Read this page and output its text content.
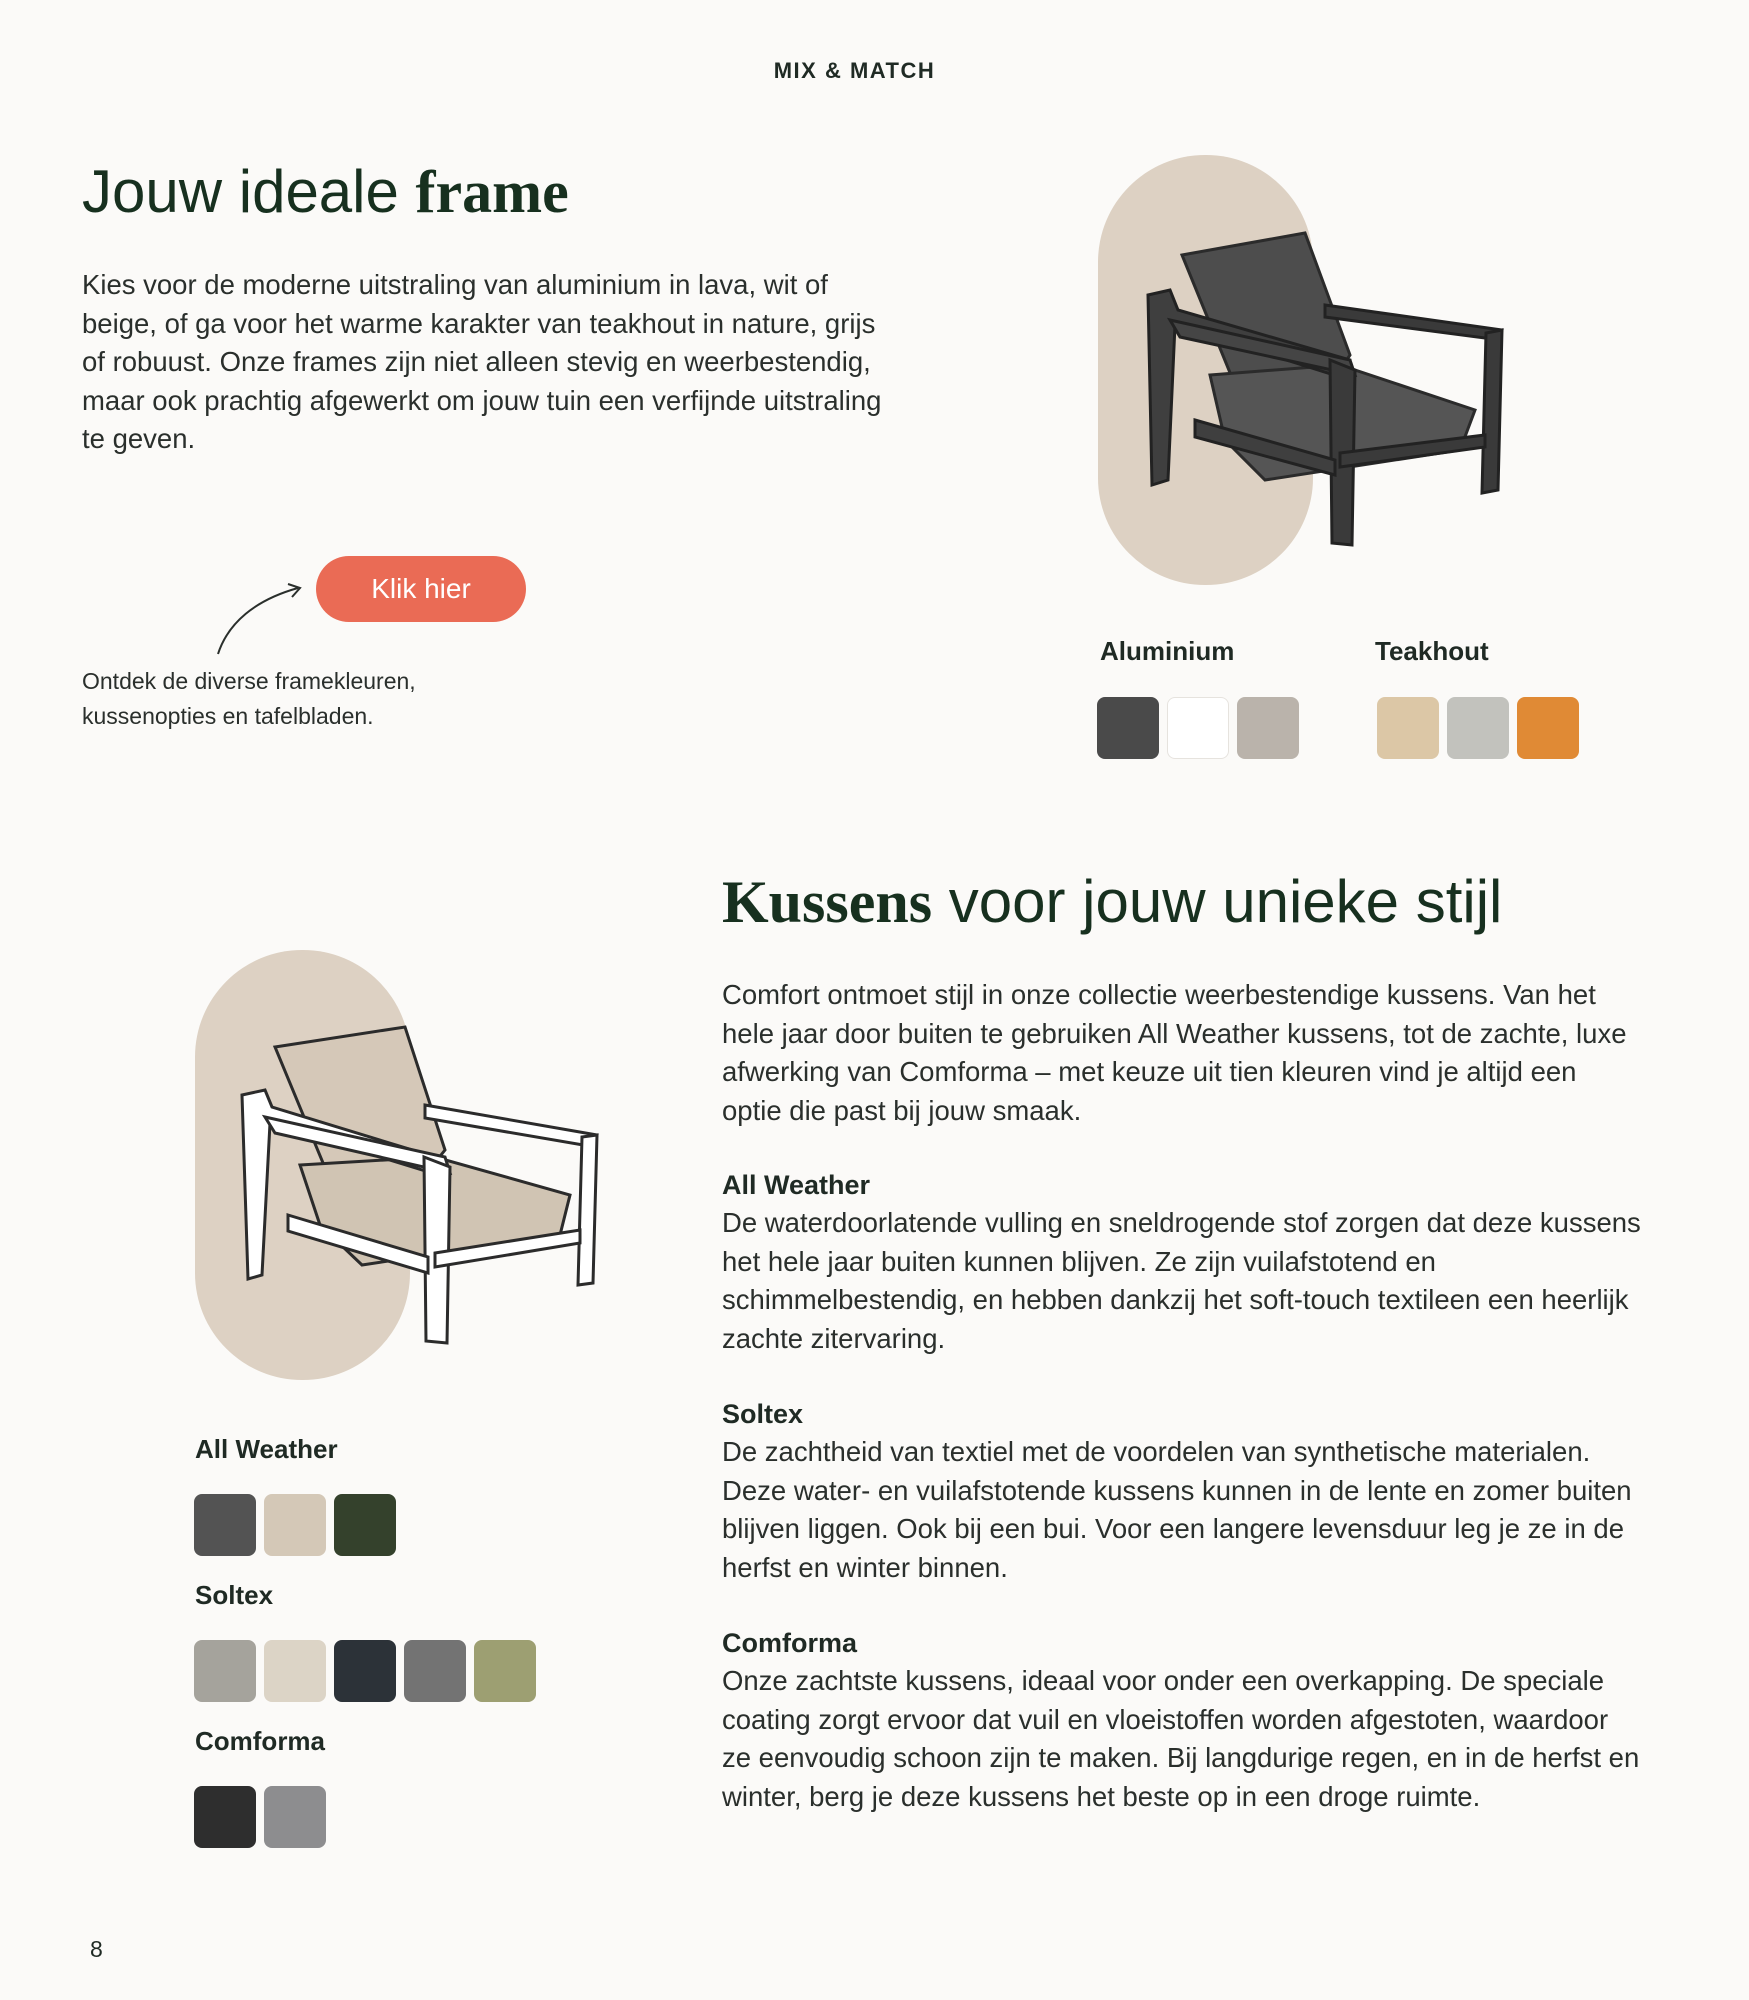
MIX & MATCH
Jouw ideale frame

Kies voor de moderne uitstraling van aluminium in lava, wit of beige, of ga voor het warme karakter van teakhout in nature, grijs of robuust. Onze frames zijn niet alleen stevig en weerbestendig, maar ook prachtig afgewerkt om jouw tuin een verfijnde uitstraling te geven.

Klik hier
Ontdek de diverse framekleuren,
kussenopties en tafelbladen.
Aluminium	Teakhout
Kussens voor jouw unieke stijl

Comfort ontmoet stijl in onze collectie weerbestendige kussens. Van het hele jaar door buiten te gebruiken All Weather kussens, tot de zachte, luxe afwerking van Comforma – met keuze uit tien kleuren vind je altijd een optie die past bij jouw smaak.

All Weather

De waterdoorlatende vulling en sneldrogende stof zorgen dat deze kussens het hele jaar buiten kunnen blijven. Ze zijn vuilafstotend en schimmelbestendig, en hebben dankzij het soft-touch textileen een heerlijk zachte zitervaring.

Soltex

De zachtheid van textiel met de voordelen van synthetische materialen. Deze water- en vuilafstotende kussens kunnen in de lente en zomer buiten blijven liggen. Ook bij een bui. Voor een langere levensduur leg je ze in de herfst en winter binnen.

Comforma

Onze zachtste kussens, ideaal voor onder een overkapping. De speciale coating zorgt ervoor dat vuil en vloeistoffen worden afgestoten, waardoor ze eenvoudig schoon zijn te maken. Bij langdurige regen, en in de herfst en winter, berg je deze kussens het beste op in een droge ruimte.

All Weather
Soltex
Comforma
8
